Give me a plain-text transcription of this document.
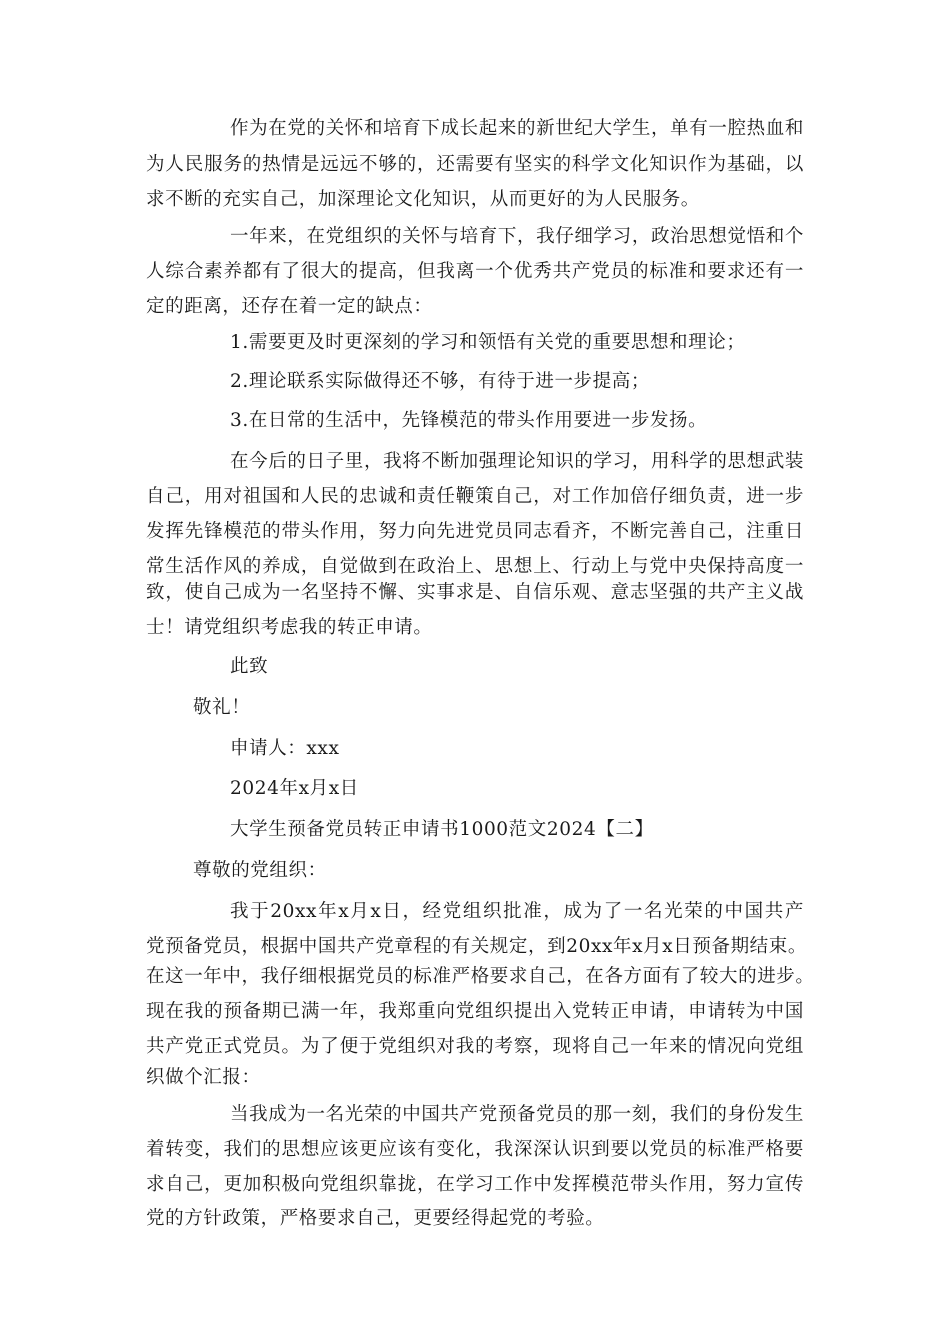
作为在党的关怀和培育下成长起来的新世纪大学生，单有一腔热血和
为人民服务的热情是远远不够的，还需要有坚实的科学文化知识作为基础，以
求不断的充实自己，加深理论文化知识，从而更好的为人民服务。
一年来，在党组织的关怀与培育下，我仔细学习，政治思想觉悟和个
人综合素养都有了很大的提高，但我离一个优秀共产党员的标准和要求还有一
定的距离，还存在着一定的缺点：
1.需要更及时更深刻的学习和领悟有关党的重要思想和理论；
2.理论联系实际做得还不够，有待于进一步提高；
3.在日常的生活中，先锋模范的带头作用要进一步发扬。
在今后的日子里，我将不断加强理论知识的学习，用科学的思想武装
自己，用对祖国和人民的忠诚和责任鞭策自己，对工作加倍仔细负责，进一步
发挥先锋模范的带头作用，努力向先进党员同志看齐，不断完善自己，注重日
常生活作风的养成，自觉做到在政治上、思想上、行动上与党中央保持高度一
致，使自己成为一名坚持不懈、实事求是、自信乐观、意志坚强的共产主义战
士！请党组织考虑我的转正申请。
此致
敬礼！
申请人：xxx
2024年x月x日
大学生预备党员转正申请书1000范文2024【二】
尊敬的党组织：
我于20xx年x月x日，经党组织批准，成为了一名光荣的中国共产
党预备党员，根据中国共产党章程的有关规定，到20xx年x月x日预备期结束。
在这一年中，我仔细根据党员的标准严格要求自己，在各方面有了较大的进步。
现在我的预备期已满一年，我郑重向党组织提出入党转正申请，申请转为中国
共产党正式党员。为了便于党组织对我的考察，现将自己一年来的情况向党组
织做个汇报：
当我成为一名光荣的中国共产党预备党员的那一刻，我们的身份发生
着转变，我们的思想应该更应该有变化，我深深认识到要以党员的标准严格要
求自己，更加积极向党组织靠拢，在学习工作中发挥模范带头作用，努力宣传
党的方针政策，严格要求自己，更要经得起党的考验。
